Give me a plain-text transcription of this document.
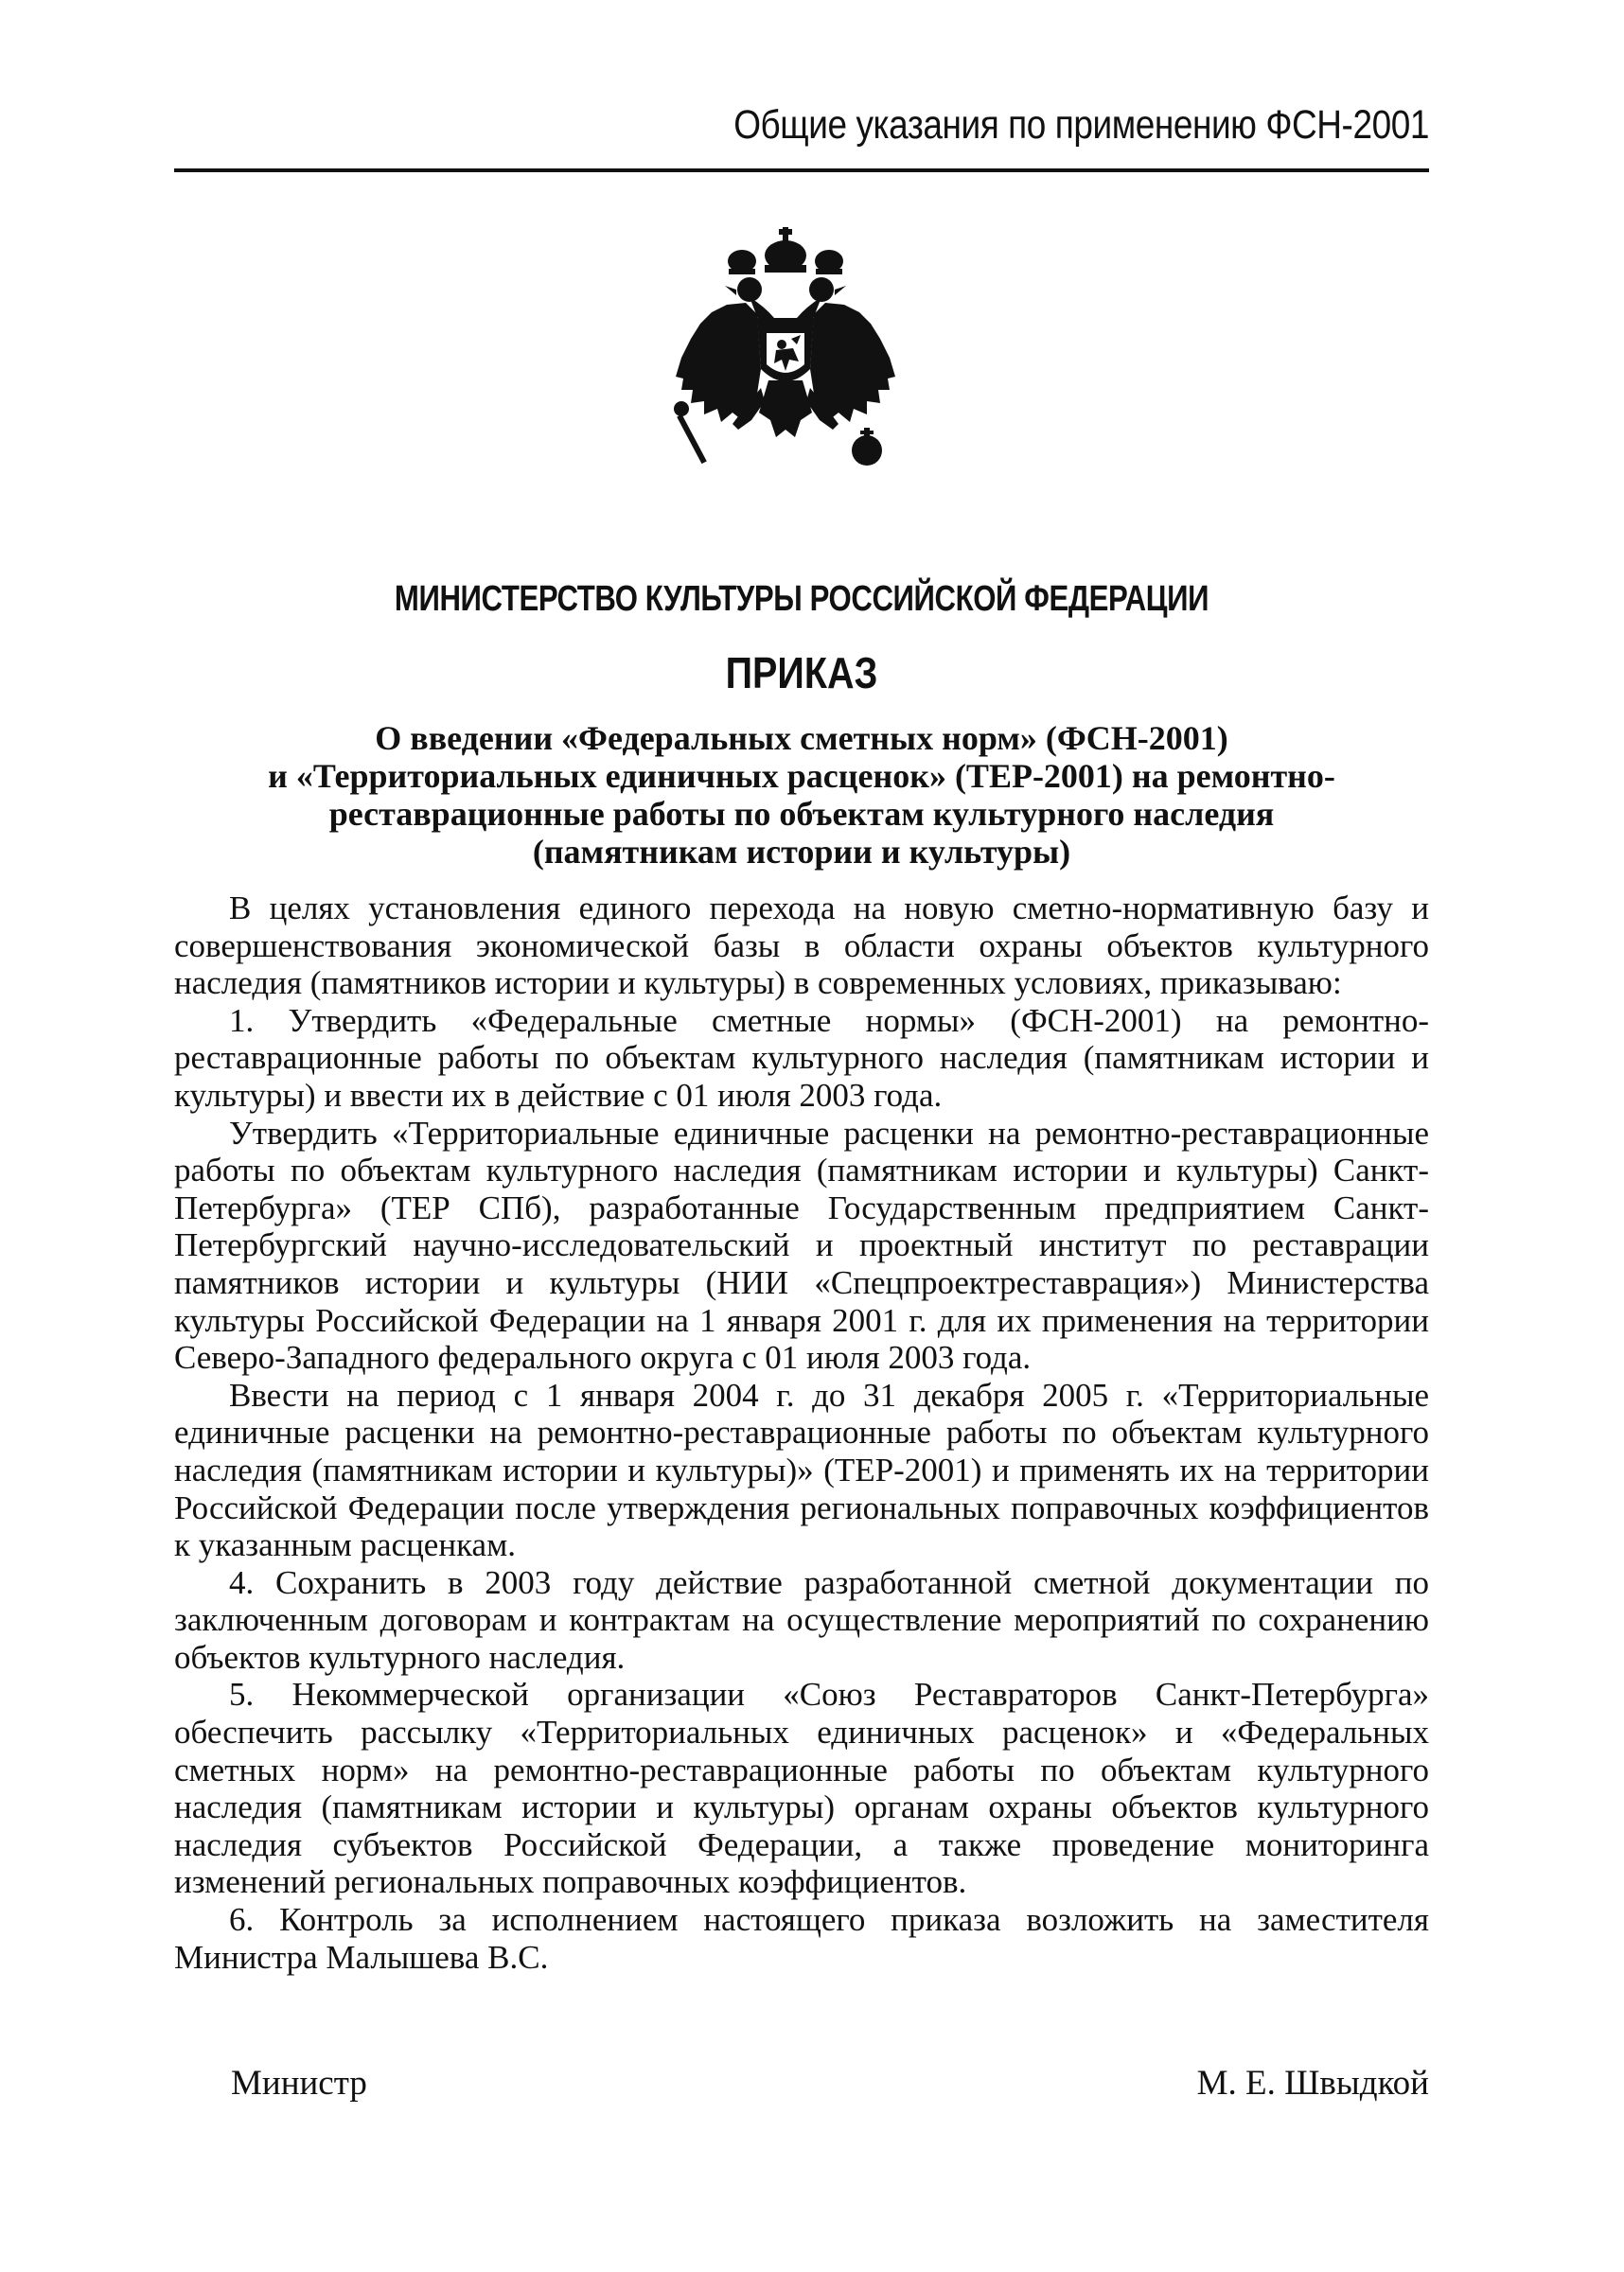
Общие указания по применению ФСН-2001
МИНИСТЕРСТВО КУЛЬТУРЫ РОССИЙСКОЙ ФЕДЕРАЦИИ
ПРИКАЗ
О введении «Федеральных сметных норм» (ФСН-2001)
и «Территориальных единичных расценок» (ТЕР-2001) на ремонтно-
реставрационные работы по объектам культурного наследия
(памятникам истории и культуры)

В целях установления единого перехода на новую сметно-нормативную базу и совершенствования экономической базы в области охраны объектов культурного наследия (памятников истории и культуры) в современных условиях, приказываю:

1. Утвердить «Федеральные сметные нормы» (ФСН-2001) на ремонтно-реставрационные работы по объектам культурного наследия (памятникам истории и культуры) и ввести их в действие с 01 июля 2003 года.

Утвердить «Территориальные единичные расценки на ремонтно-реставрационные работы по объектам культурного наследия (памятникам истории и культуры) Санкт-Петербурга» (ТЕР СПб), разработанные Государственным предприятием Санкт-Петербургский научно-исследовательский и проектный институт по реставрации памятников истории и культуры (НИИ «Спецпроектреставрация») Министерства культуры Российской Федерации на 1 января 2001 г. для их применения на территории Северо-Западного федерального округа с 01 июля 2003 года.

Ввести на период с 1 января 2004 г. до 31 декабря 2005 г. «Территориальные единичные расценки на ремонтно-реставрационные работы по объектам культурного наследия (памятникам истории и культуры)» (ТЕР-2001) и применять их на территории Российской Федерации после утверждения региональных поправочных коэффициентов к указанным расценкам.

4. Сохранить в 2003 году действие разработанной сметной документации по заключенным договорам и контрактам на осуществление мероприятий по сохранению объектов культурного наследия.

5. Некоммерческой организации «Союз Реставраторов Санкт-Петербурга» обеспечить рассылку «Территориальных единичных расценок» и «Федеральных сметных норм» на ремонтно-реставрационные работы по объектам культурного наследия (памятникам истории и культуры) органам охраны объектов культурного наследия субъектов Российской Федерации, а также проведение мониторинга изменений региональных поправочных коэффициентов.

6. Контроль за исполнением настоящего приказа возложить на заместителя Министра Малышева В.С.

Министр	М. Е. Швыдкой
